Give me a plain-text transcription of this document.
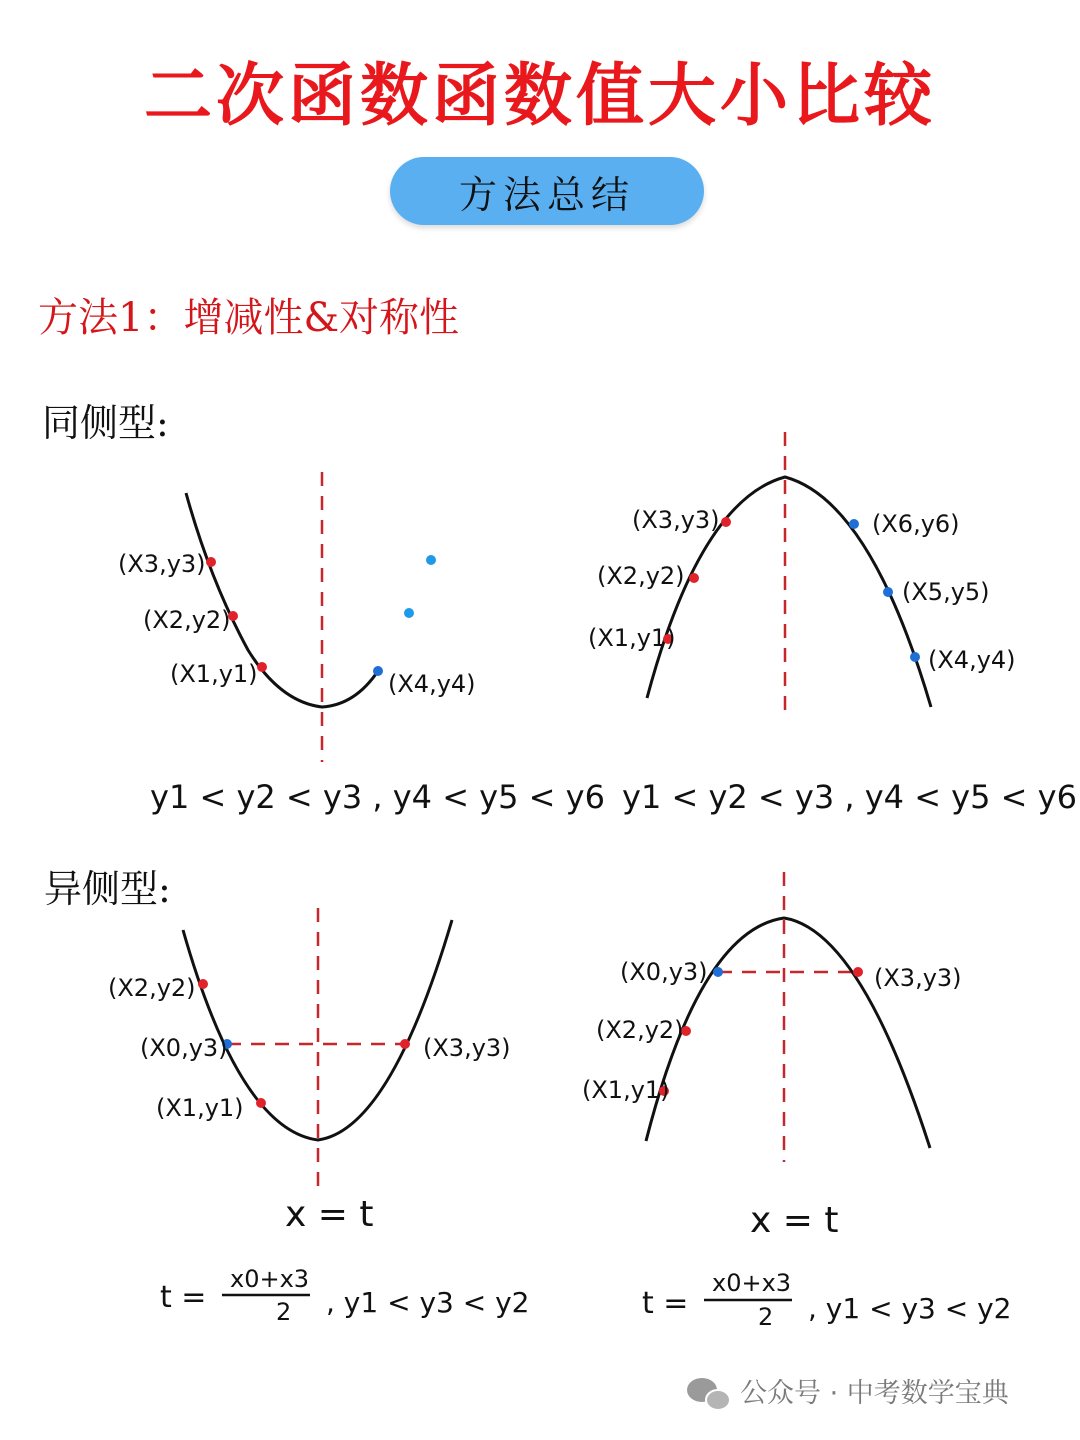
二次函数函数值大小比较
方法总结
方法1：增减性&对称性
同侧型:
异侧型:
(X3,y3)
(X2,y2)
(X1,y1)	(X4,y4)
y1 < y2 < y3 , y4 < y5 < y6
(X3,y3)
(X2,y2)
(X1,y1)
(X6,y6)
(X5,y5)
(X4,y4)
y1 < y2 < y3 , y4 < y5 < y6
(X2,y2)
(X0,y3)
(X1,y1)
(X3,y3)
x = t
t =
x0+x3
2 , y1 < y3 < y2
(X0,y3)	(X3,y3)
(X2,y2)
(X1,y1)
x = t
t =
x0+x3
2 , y1 < y3 < y2
公众号 · 中考数学宝典
